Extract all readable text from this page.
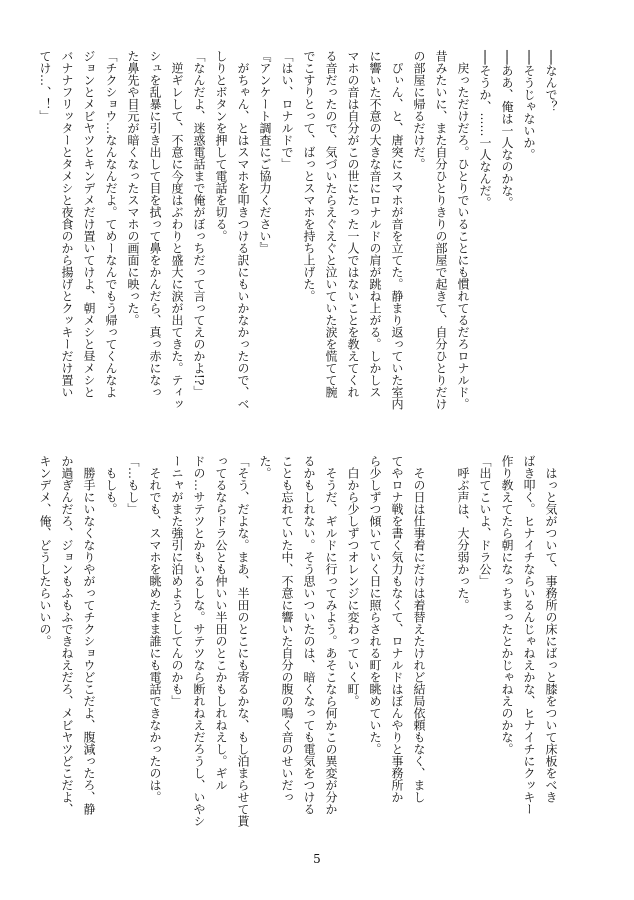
──なんで？
──そうじゃないか。
──ああ、俺は一人なのかな。
──そうか、……一人なんだ。
　戻っただけだろ。ひとりでいることにも慣れてるだろロナルド。
昔みたいに、また自分ひとりきりの部屋で起きて、自分ひとりだけ
の部屋に帰るだけだ。
　ぴぃん、と、唐突にスマホが音を立てた。静まり返っていた室内
に響いた不意の大きな音にロナルドの肩が跳ね上がる。しかしス
マホの音は自分がこの世にたった一人ではないことを教えてくれ
る音だったので、気づいたらえぐえぐと泣いていた涙を慌てて腕
でこすりとって、ばっとスマホを持ち上げた。
「はい、ロナルドで」
『アンケート調査にご協力ください』
　がちゃん、とはスマホを叩きつける訳にもいかなかったので、ベ
しりとボタンを押して電話を切る。
「なんだよ、迷惑電話まで俺がぼっちだって言ってえのかよ!?」
　逆ギレして、不意に今度はぶわりと盛大に涙が出てきた。ティッ
シュを乱暴に引き出して目を拭って鼻をかんだら、真っ赤になっ
た鼻先や目元が暗くなったスマホの画面に映った。
「チクショウ…なんなんだよ。てめーなんでもう帰ってくんなよ
ジョンとメビヤツとキンデメだけ置いてけよ、朝メシと昼メシと
バナナフリッターとタメシと夜食のから揚げとクッキーだけ置い
てけ…、！」
　はっと気がついて、事務所の床にばっと膝をついて床板をべき
ばき叩く。ヒナイチならいるんじゃねえかな、ヒナイチにクッキー
作り教えてたら朝になっちまったとかじゃねえのかな。
「出てこいよ、ドラ公」
　呼ぶ声は、大分弱かった。

　その日は仕事着にだけは着替えたけれど結局依頼もなく、まし
てやロナ戦を書く気力もなくて、ロナルドはぼんやりと事務所か
ら少しずつ傾いていく日に照らされる町を眺めていた。
　白から少しずつオレンジに変わっていく町。
　そうだ、ギルドに行ってみよう。あそこなら何かこの異変が分か
るかもしれない。そう思いついたのは、暗くなっても電気をつける
ことも忘れていた中、不意に響いた自分の腹の鳴く音のせいだっ
た。
「そう、だよな。まあ、半田のとこにも寄るかな、もし泊まらせて貰
ってるならドラ公とも仲いい半田のとこかもしれねえし。ギル
ドの…サテツとかもいるしな。サテツなら断れねえだろうし、いやシ
ーニャがまた強引に泊めようとしてんのかも」
　それでも、スマホを眺めたまま誰にも電話できなかったのは。
「…もし」
　もしも。
　勝手にいなくなりやがってチクショウどこだよ、腹減ったろ、静
か過ぎんだろ、ジョンもふもふできねえだろ、メビヤツどこだよ、
キンデメ、俺、どうしたらいいの。
5
